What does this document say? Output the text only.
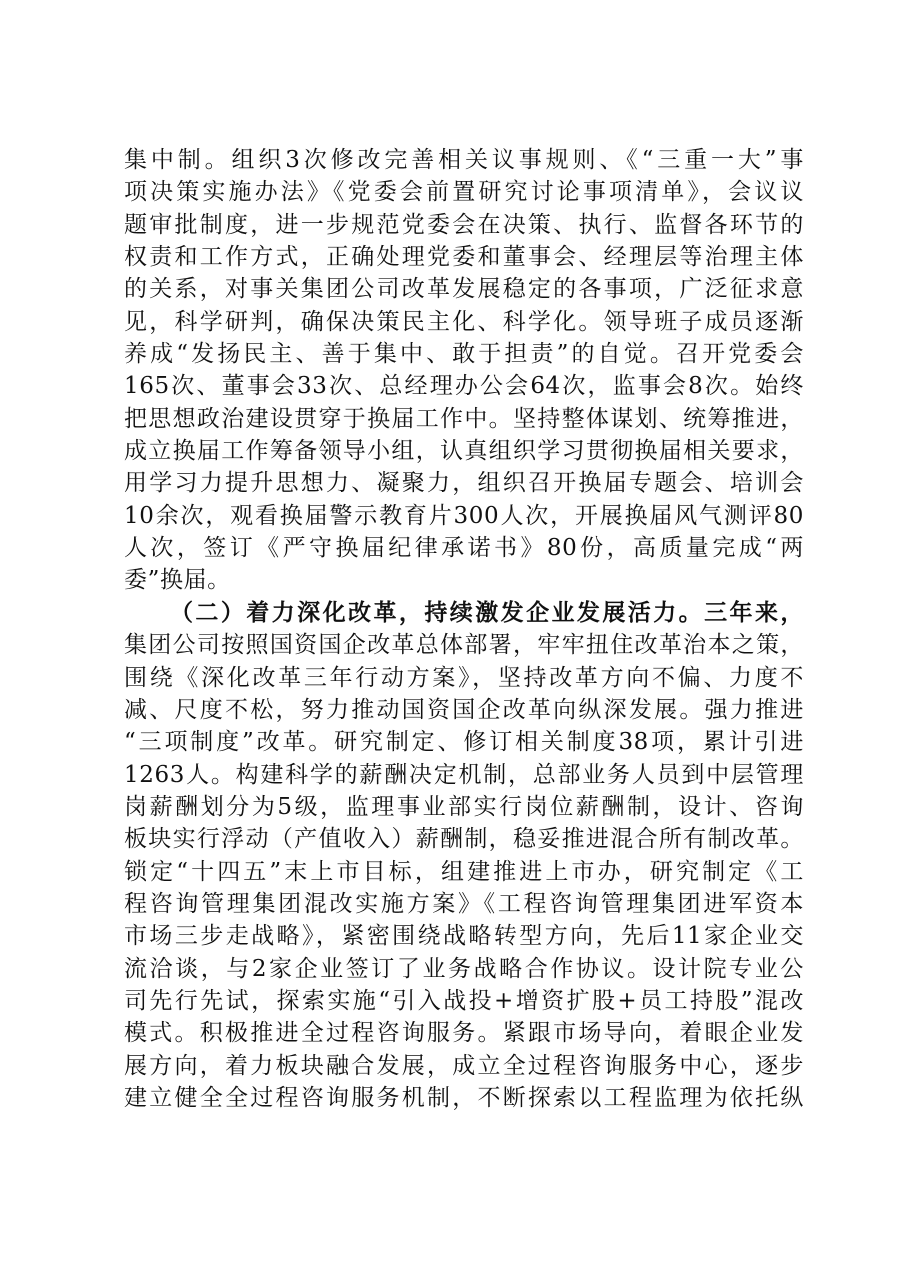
集中制。组织3次修改完善相关议事规则、《“三重一大”事
项决策实施办法》《党委会前置研究讨论事项清单》，会议议
题审批制度，进一步规范党委会在决策、执行、监督各环节的
权责和工作方式，正确处理党委和董事会、经理层等治理主体
的关系，对事关集团公司改革发展稳定的各事项，广泛征求意
见，科学研判，确保决策民主化、科学化。领导班子成员逐渐
养成“发扬民主、善于集中、敢于担责”的自觉。召开党委会
165次、董事会33次、总经理办公会64次，监事会8次。始终
把思想政治建设贯穿于换届工作中。坚持整体谋划、统筹推进，
成立换届工作筹备领导小组，认真组织学习贯彻换届相关要求，
用学习力提升思想力、凝聚力，组织召开换届专题会、培训会
10余次，观看换届警示教育片300人次，开展换届风气测评80
人次，签订《严守换届纪律承诺书》80份，高质量完成“两
委”换届。
（二）着力深化改革，持续激发企业发展活力。三年来，
集团公司按照国资国企改革总体部署，牢牢扭住改革治本之策，
围绕《深化改革三年行动方案》，坚持改革方向不偏、力度不
减、尺度不松，努力推动国资国企改革向纵深发展。强力推进
“三项制度”改革。研究制定、修订相关制度38项，累计引进
1263人。构建科学的薪酬决定机制，总部业务人员到中层管理
岗薪酬划分为5级，监理事业部实行岗位薪酬制，设计、咨询
板块实行浮动（产值收入）薪酬制，稳妥推进混合所有制改革。
锁定“十四五”末上市目标，组建推进上市办，研究制定《工
程咨询管理集团混改实施方案》《工程咨询管理集团进军资本
市场三步走战略》，紧密围绕战略转型方向，先后11家企业交
流洽谈，与2家企业签订了业务战略合作协议。设计院专业公
司先行先试，探索实施“引入战投+增资扩股+员工持股”混改
模式。积极推进全过程咨询服务。紧跟市场导向，着眼企业发
展方向，着力板块融合发展，成立全过程咨询服务中心，逐步
建立健全全过程咨询服务机制，不断探索以工程监理为依托纵
